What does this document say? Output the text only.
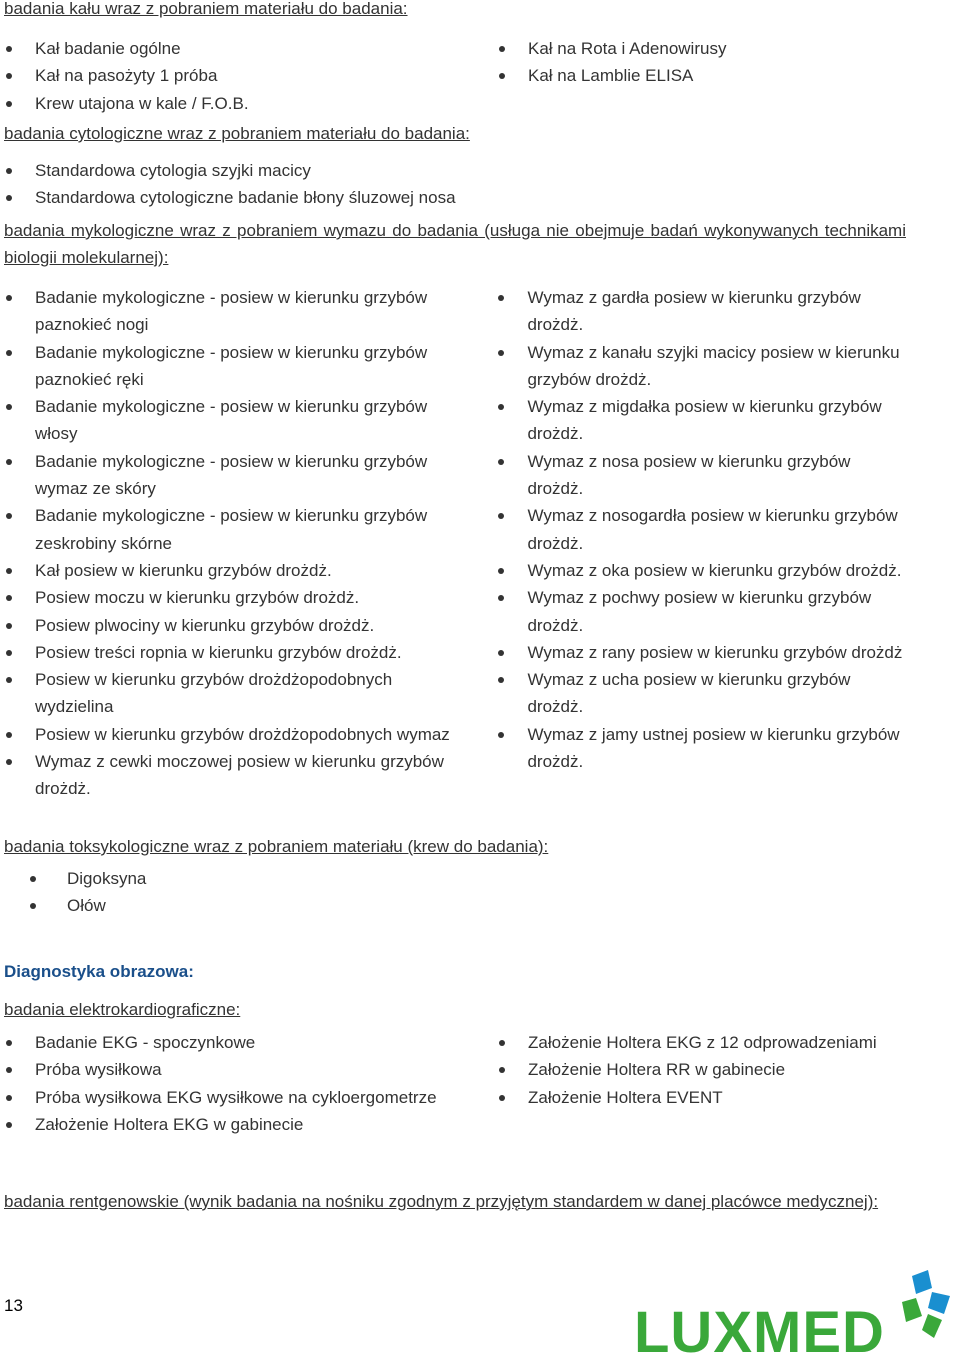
badania kału wraz z pobraniem materiału do badania:

Kał badanie ogólne
Kał na pasożyty 1 próba
Krew utajona w kale / F.O.B.
Kał na Rota i Adenowirusy
Kał na Lamblie ELISA

badania cytologiczne wraz z pobraniem materiału do badania:

Standardowa cytologia szyjki macicy
Standardowa cytologiczne badanie błony śluzowej nosa

badania mykologiczne wraz z pobraniem wymazu do badania (usługa nie obejmuje badań wykonywanych technikami biologii molekularnej):

Badanie mykologiczne - posiew w kierunku grzybów paznokieć nogi
Badanie mykologiczne - posiew w kierunku grzybów paznokieć ręki
Badanie mykologiczne - posiew w kierunku grzybów włosy
Badanie mykologiczne - posiew w kierunku grzybów wymaz ze skóry
Badanie mykologiczne - posiew w kierunku grzybów zeskrobiny skórne
Kał posiew w kierunku grzybów drożdż.
Posiew moczu w kierunku grzybów drożdż.
Posiew plwociny w kierunku grzybów drożdż.
Posiew treści ropnia w kierunku grzybów drożdż.
Posiew w kierunku grzybów drożdżopodobnych wydzielina
Posiew w kierunku grzybów drożdżopodobnych wymaz
Wymaz z cewki moczowej posiew w kierunku grzybów drożdż.
Wymaz z gardła posiew w kierunku grzybów drożdż.
Wymaz z kanału szyjki macicy posiew w kierunku grzybów drożdż.
Wymaz z migdałka posiew w kierunku grzybów drożdż.
Wymaz z nosa posiew w kierunku grzybów drożdż.
Wymaz z nosogardła posiew w kierunku grzybów drożdż.
Wymaz z oka posiew w kierunku grzybów drożdż.
Wymaz z pochwy posiew w kierunku grzybów drożdż.
Wymaz z rany posiew w kierunku grzybów drożdż
Wymaz z ucha posiew w kierunku grzybów drożdż.
Wymaz z jamy ustnej posiew w kierunku grzybów drożdż.

badania toksykologiczne wraz z pobraniem materiału (krew do badania):

Digoksyna
Ołów
Diagnostyka obrazowa:

badania elektrokardiograficzne:

Badanie EKG - spoczynkowe
Próba wysiłkowa
Próba wysiłkowa EKG wysiłkowe na cykloergometrze
Założenie Holtera EKG w gabinecie
Założenie Holtera EKG z 12 odprowadzeniami
Założenie Holtera RR w gabinecie
Założenie Holtera EVENT

badania rentgenowskie (wynik badania na nośniku zgodnym z przyjętym standardem w danej placówce medycznej):

13	LUXMED
